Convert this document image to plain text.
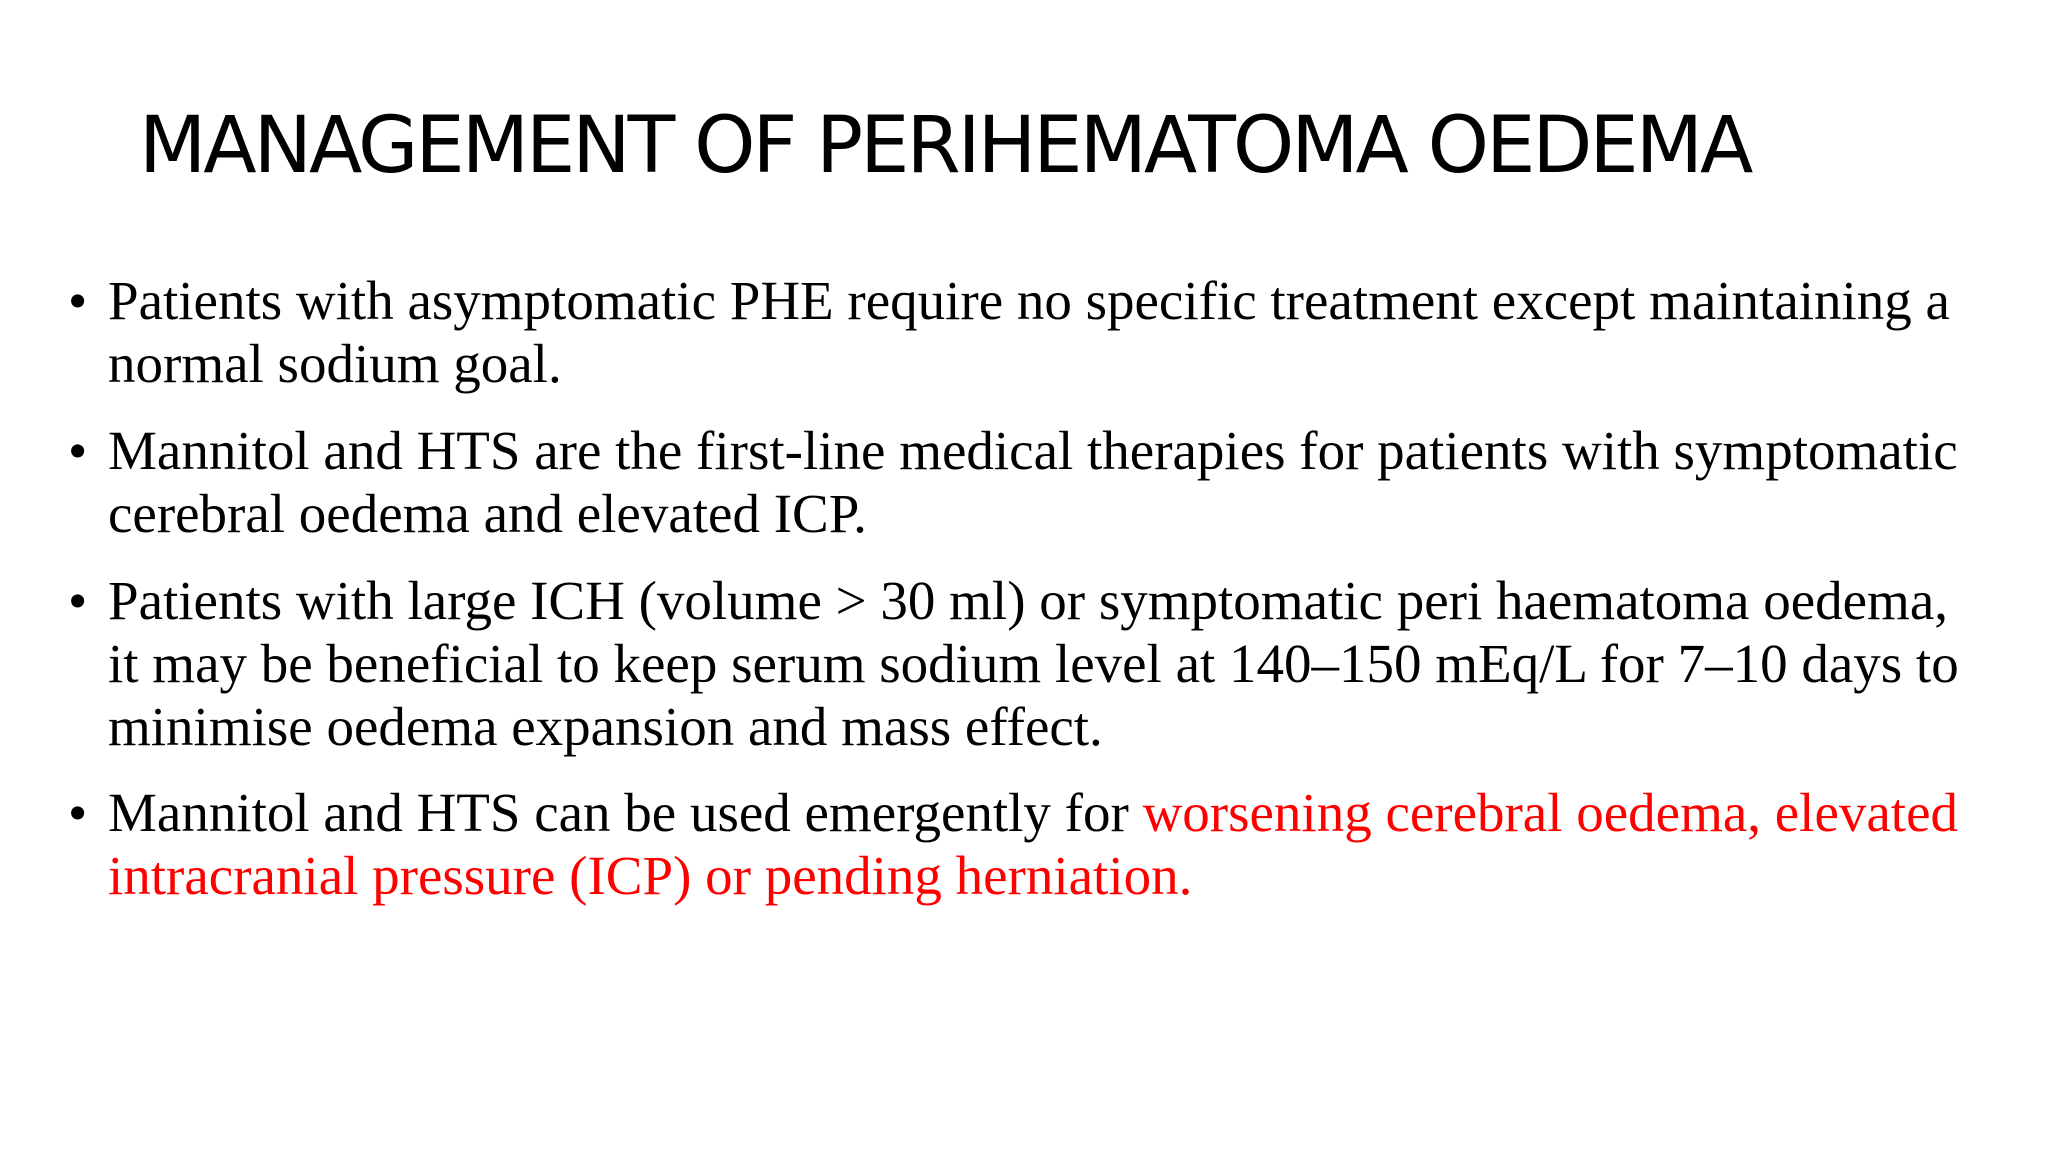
MANAGEMENT OF PERIHEMATOMA OEDEMA
• Patients with asymptomatic PHE require no specific treatment except maintaining a normal sodium goal.
• Mannitol and HTS are the first-line medical therapies for patients with symptomatic cerebral oedema and elevated ICP.
• Patients with large ICH (volume > 30 ml) or symptomatic peri haematoma oedema, it may be beneficial to keep serum sodium level at 140–150 mEq/L for 7–10 days to minimise oedema expansion and mass effect.
• Mannitol and HTS can be used emergently for worsening cerebral oedema, elevated intracranial pressure (ICP) or pending herniation.
